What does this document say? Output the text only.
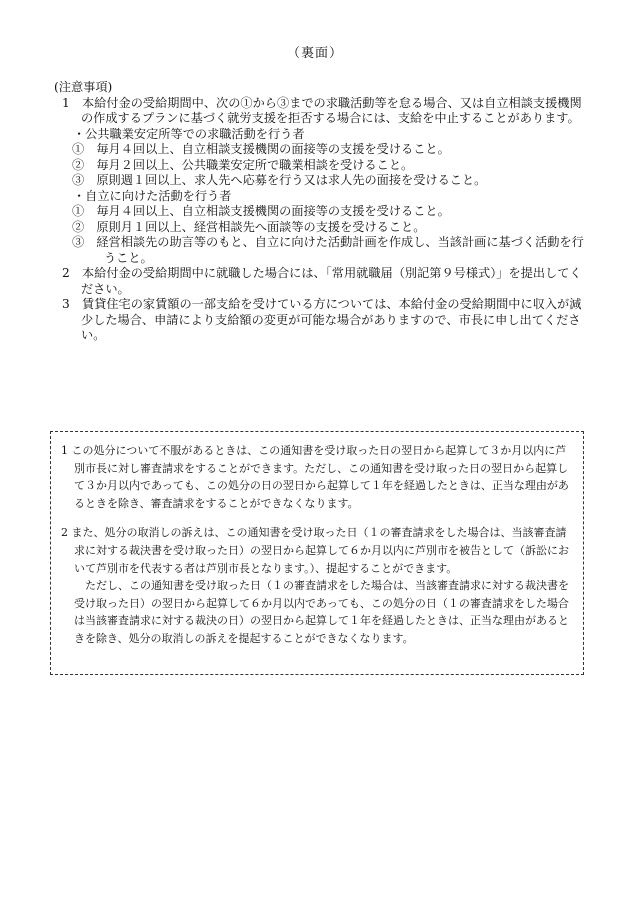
（裏面）
(注意事項)
1　本給付金の受給期間中、次の①から③までの求職活動等を怠る場合、又は自立相談支援機関の作成するプランに基づく就労支援を拒否する場合には、支給を中止することがあります。
・公共職業安定所等での求職活動を行う者
①　毎月４回以上、自立相談支援機関の面接等の支援を受けること。
②　毎月２回以上、公共職業安定所で職業相談を受けること。
③　原則週１回以上、求人先へ応募を行う又は求人先の面接を受けること。
・自立に向けた活動を行う者
①　毎月４回以上、自立相談支援機関の面接等の支援を受けること。
②　原則月１回以上、経営相談先へ面談等の支援を受けること。
③　経営相談先の助言等のもと、自立に向けた活動計画を作成し、当該計画に基づく活動を行うこと。
2　本給付金の受給期間中に就職した場合には、「常用就職届（別記第９号様式）」を提出してください。
3　賃貸住宅の家賃額の一部支給を受けている方については、本給付金の受給期間中に収入が減少した場合、申請により支給額の変更が可能な場合がありますので、市長に申し出てください。
1 この処分について不服があるときは、この通知書を受け取った日の翌日から起算して３か月以内に芦別市長に対し審査請求をすることができます。ただし、この通知書を受け取った日の翌日から起算して３か月以内であっても、この処分の日の翌日から起算して１年を経過したときは、正当な理由があるときを除き、審査請求をすることができなくなります。
2 また、処分の取消しの訴えは、この通知書を受け取った日（１の審査請求をした場合は、当該審査請求に対する裁決書を受け取った日）の翌日から起算して６か月以内に芦別市を被告として（訴訟において芦別市を代表する者は芦別市長となります。）、提起することができます。
ただし、この通知書を受け取った日（１の審査請求をした場合は、当該審査請求に対する裁決書を受け取った日）の翌日から起算して６か月以内であっても、この処分の日（１の審査請求をした場合は当該審査請求に対する裁決の日）の翌日から起算して１年を経過したときは、正当な理由があるときを除き、処分の取消しの訴えを提起することができなくなります。
